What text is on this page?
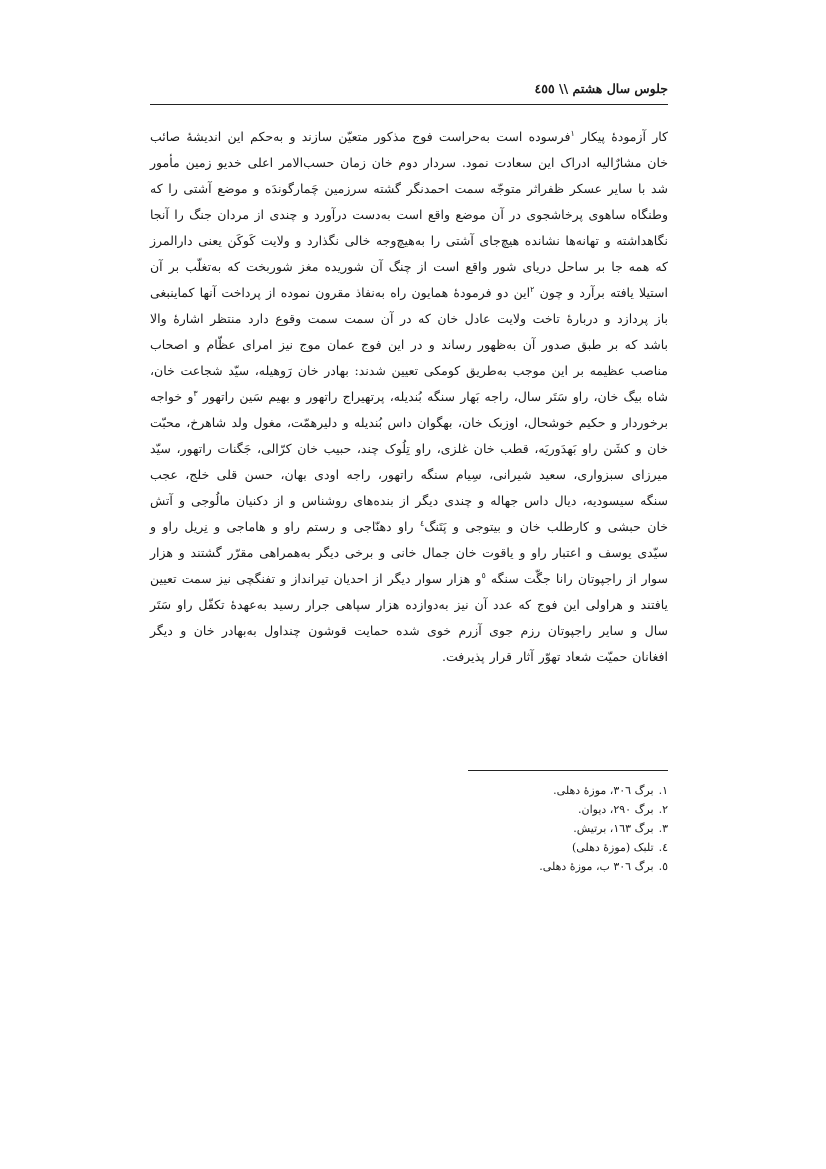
جلوس سال هشتم \\ ٤٥٥

کار آزمودهٔ پیکار $^١$فرسوده است به‌حراست فوج مذکور متعیّن سازند و به‌حکم این اندیشهٔ صائب خان مشارٌالیه ادراک این سعادت نمود. سردار دوم خان زمان حسب‌الامر اعلی خدیو زمین مأمور شد با سایر عسکر ظفراثر متوجّه سمت احمدنگر گشته سرزمین چَمارگوندَه و موضع آشتی را که وطنگاه ساهوی پرخاشجوی در آن موضع واقع است به‌دست درآورد و چندی از مردان جنگ را آنجا نگاهداشته و تهانه‌ها نشانده هیچ‌جای آشتی را به‌هیچ‌وجه خالی نگذارد و ولایت کَوکَن یعنی دارالمرز که همه جا بر ساحل دریای شور واقع است از چنگ آن شوریده مغز شوربخت که به‌تغلّب بر آن استیلا یافته برآرد و چون $^٢$این دو فرمودهٔ همایون راه به‌نفاذ مقرون نموده از پرداخت آنها کماینبغی باز پردازد و دربارهٔ تاخت ولایت عادل خان که در آن سمت سمت وقوع دارد منتظر اشارهٔ والا باشد که بر طبق صدور آن به‌ظهور رساند و در این فوج عمان موج نیز امرای عظّام و اصحاب مناصب عظیمه بر این موجب به‌طریق کومکی تعیین شدند: بهادر خان رَوهیله، سیّد شجاعت خان، شاه بیگ خان، راو سَتَر سال، راجه بَهار سنگه بُندیله، پرتهیراج راتهور و بهیم سَین راتهور $^٣$و خواجه برخوردار و حکیم خوشحال، اوزبک خان، بهگوان داس بُندیله و دلیرهمّت، مغول ولد شاهرخ، محبّت خان و کشَن راو بَهدَوریَه، قطب خان غلزی، راو تِلُوک چند، حبیب خان کرّالی، جَگنات راتهور، سیّد میرزای سبزواری، سعید شیرانی، سِیام سنگه راتهور، راجه اودی بهان، حسن قلی خلج، عجب سنگه سیسودیه، دیال داس جهاله و چندی دیگر از بنده‌های روشناس و از دکنیان مالُوجی و آتش خان حبشی و کارطلب خان و بیتوجی و پَتَنگ$^٤$ راو دهنّاجی و رستم راو و هاماجی و نِریل راو و سیّدی یوسف و اعتبار راو و یاقوت خان جمال خانی و برخی دیگر به‌همراهی مقرّر گشتند و هزار سوار از راجپوتان رانا جگّت سنگه $^٥$و هزار سوار دیگر از احدیان تیرانداز و تفنگچی نیز سمت تعیین یافتند و هراولی این فوج که عدد آن نیز به‌دوازده هزار سپاهی جرار رسید به‌عهدهٔ تکفّل راو سَتَر سال و سایر راجپوتان رزم جوی آزرم خوی شده حمایت قوشون چنداول به‌بهادر خان و دیگر افغانان حمیّت شعاد تهوّر آثار قرار پذیرفت.

١.برگ ٣٠٦، موزهٔ دهلی.
٢.برگ ٢٩٠، دیوان.
٣.برگ ١٦٣، برتیش.
٤.تلبک (موزهٔ دهلی)
٥.برگ ٣٠٦ ب، موزهٔ دهلی.
